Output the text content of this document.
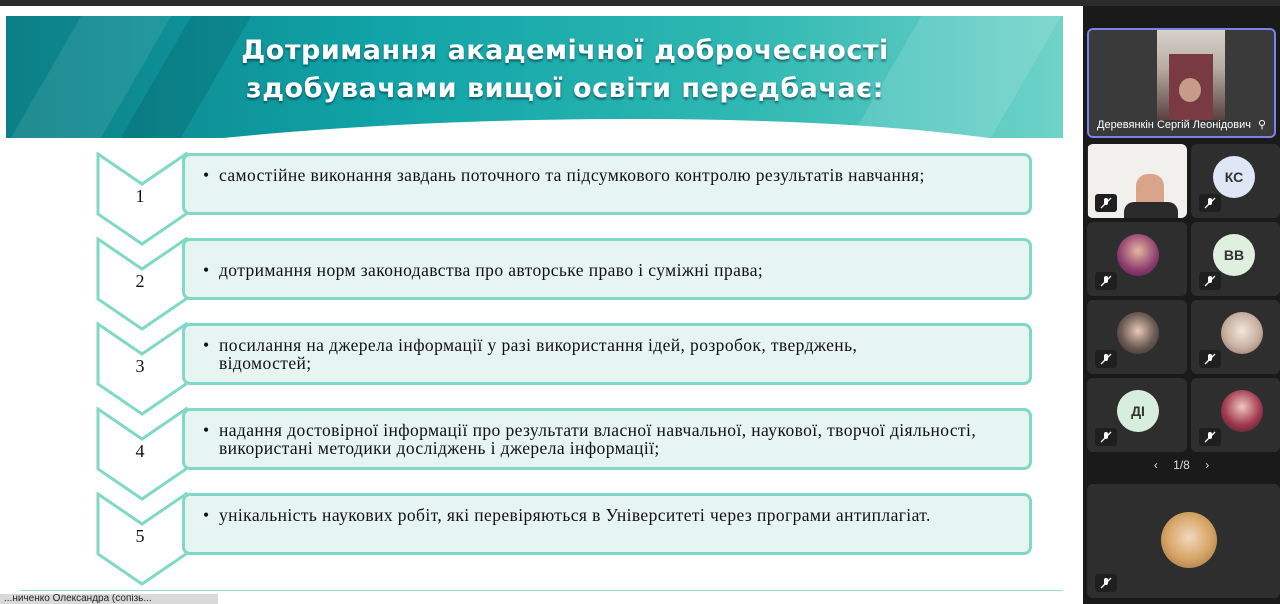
Дотримання академічної доброчесності
здобувачами вищої освіти передбачає:
1
• самостійне виконання завдань поточного та підсумкового контролю результатів навчання;
2
• дотримання норм законодавства про авторське право і суміжні права;
3
• посилання на джерела інформації у разі використання ідей, розробок, тверджень, відомостей;
4
• надання достовірної інформації про результати власної навчальної, наукової, творчої діяльності, використані методики досліджень і джерела інформації;
5
• унікальність наукових робіт, які перевіряються в Університеті через програми антиплагіат.
...ниченко Олександра (сопізь...
Деревянкін Сергій Леонідович ⚲
КС
ВВ
ДІ
‹ 1/8 ›
